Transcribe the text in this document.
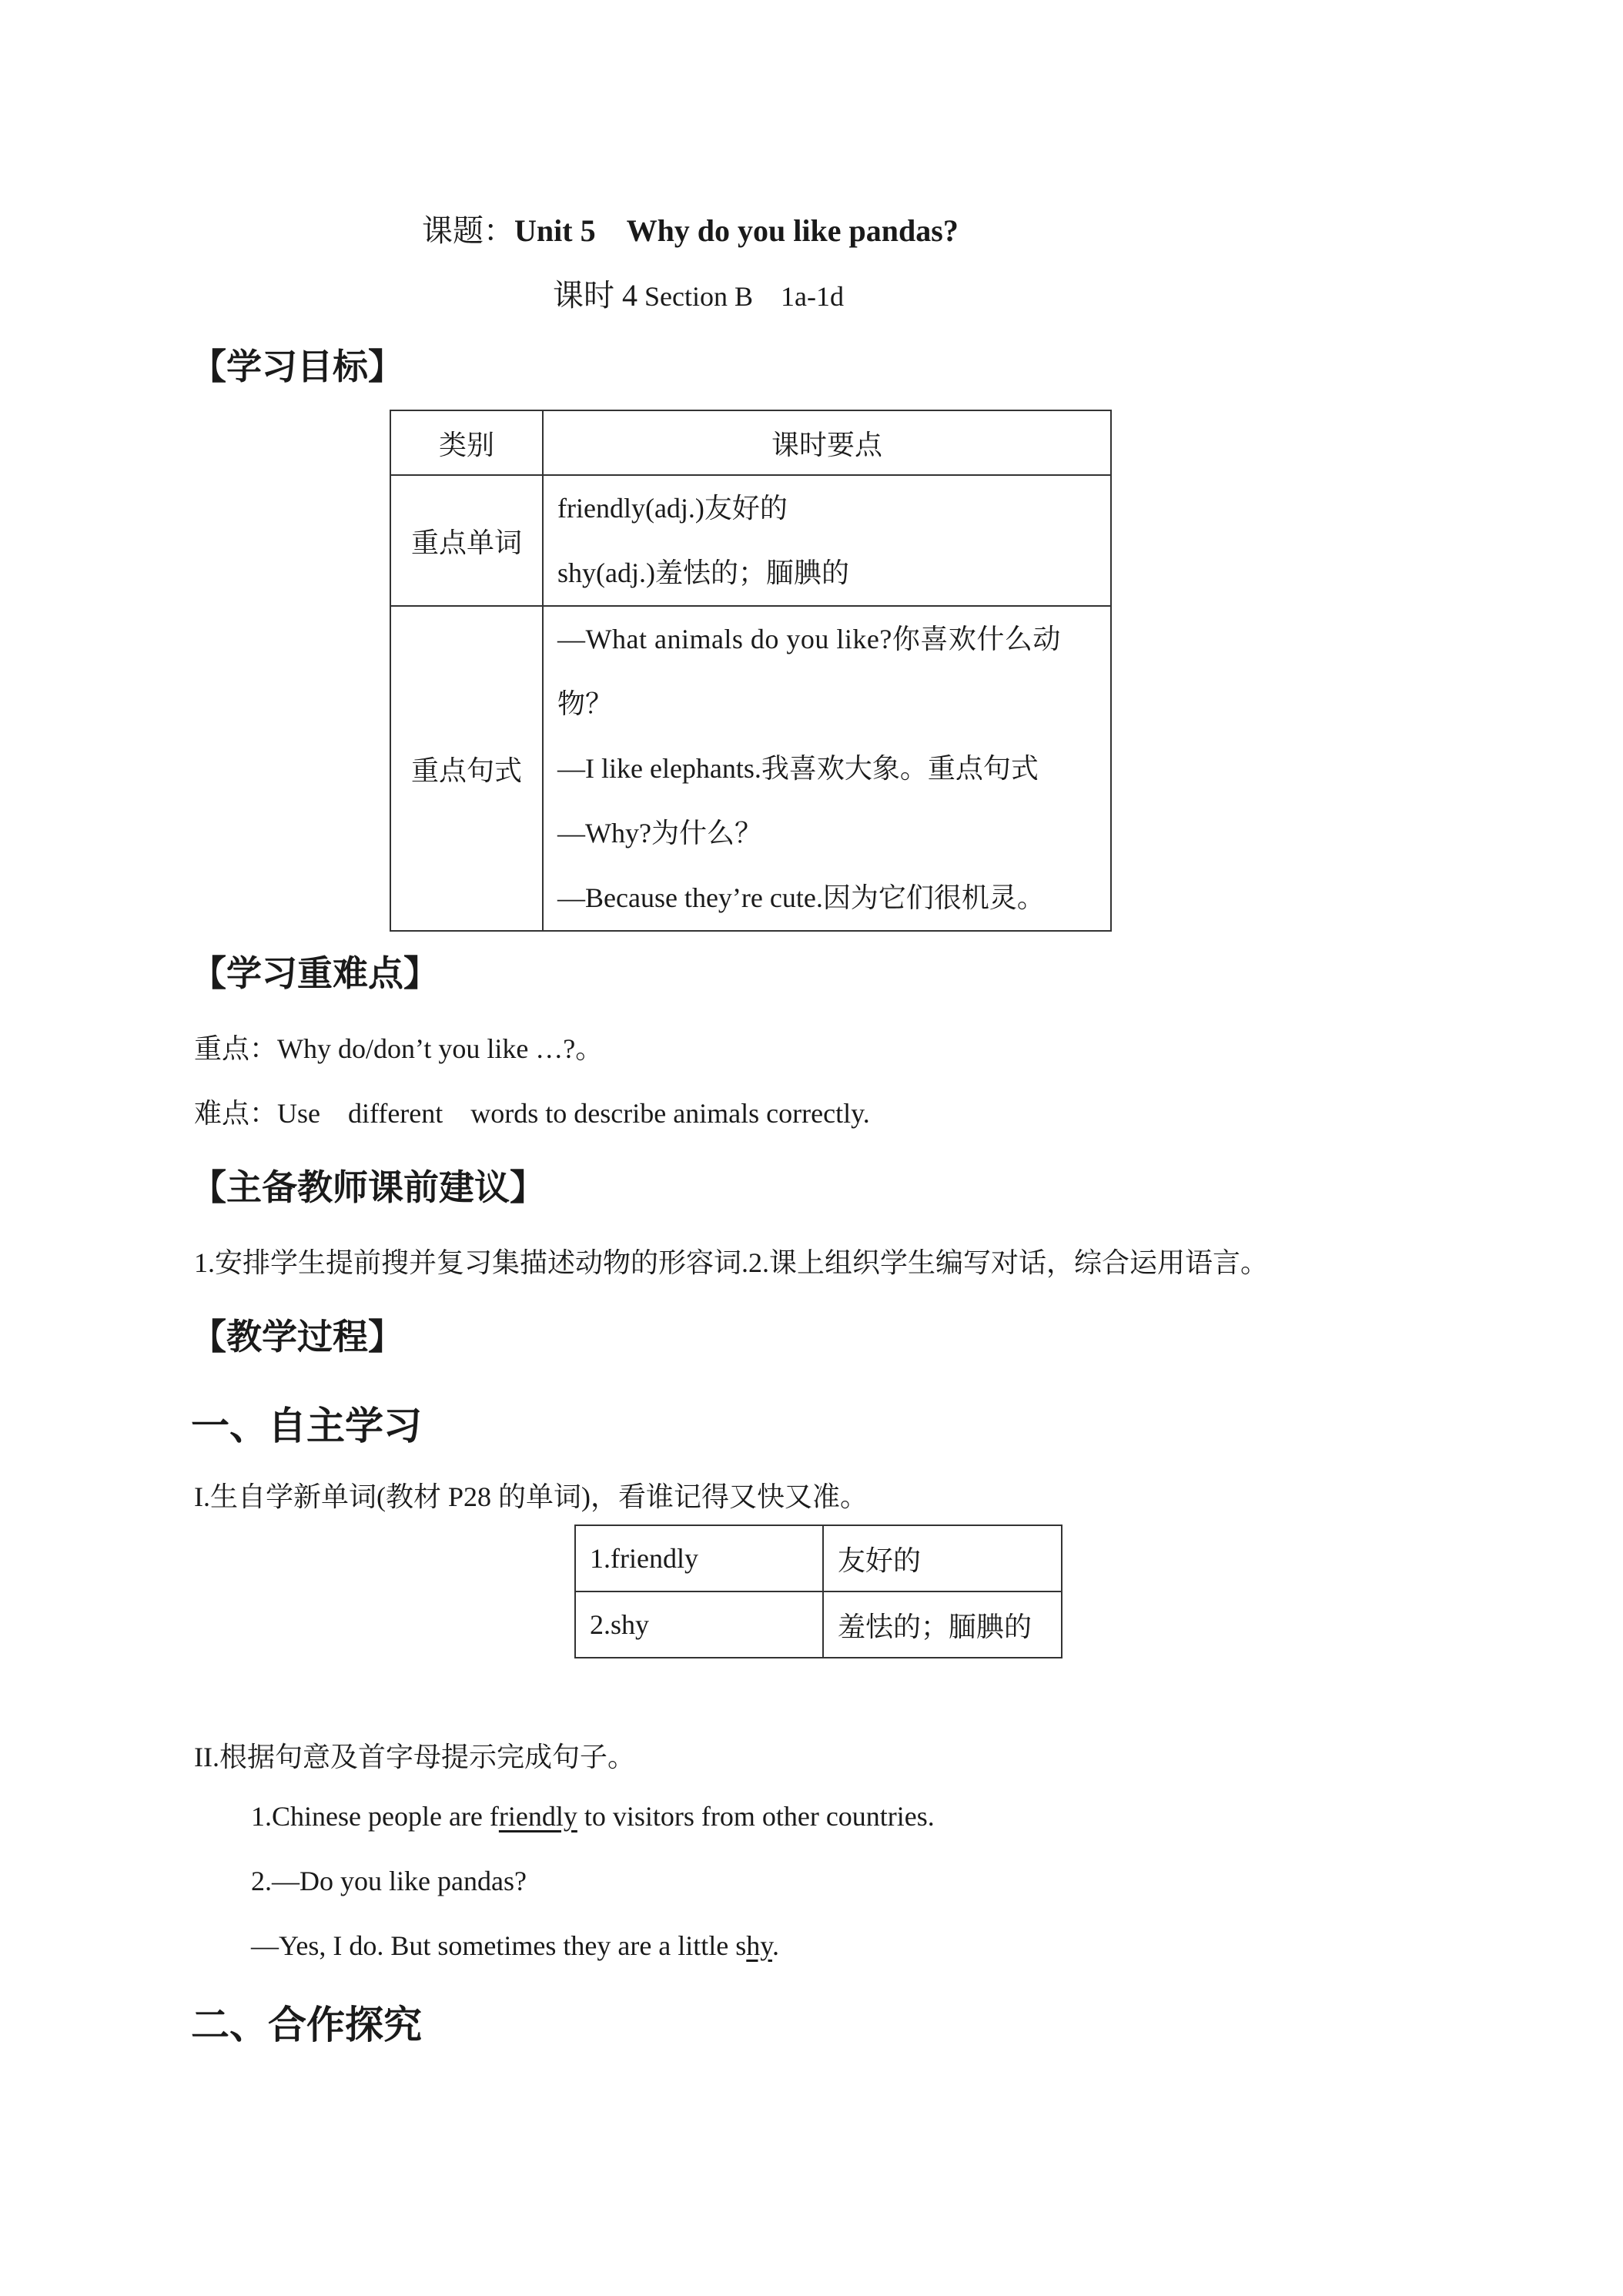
课题：Unit 5　Why do you like pandas?
课时 4 Section B　1a-1d
【学习目标】
类别	课时要点
重点单词	friendly(adj.)友好的
shy(adj.)羞怯的；腼腆的

重点句式	—What animals do you like?你喜欢什么动
物？
—I like elephants.我喜欢大象。重点句式
—Why?为什么？
—Because they’re cute.因为它们很机灵。
【学习重难点】
重点：Why do/don’t you like …?。
难点：Use　different　words to describe animals correctly.
【主备教师课前建议】
1.安排学生提前搜并复习集描述动物的形容词.2.课上组织学生编写对话，综合运用语言。
【教学过程】
一、自主学习
I.生自学新单词(教材 P28 的单词)，看谁记得又快又准。
1.friendly	友好的
2.shy	羞怯的；腼腆的
II.根据句意及首字母提示完成句子。
1.Chinese people are friendly to visitors from other countries.
2.—Do you like pandas?
—Yes, I do. But sometimes they are a little shy.
二、合作探究
